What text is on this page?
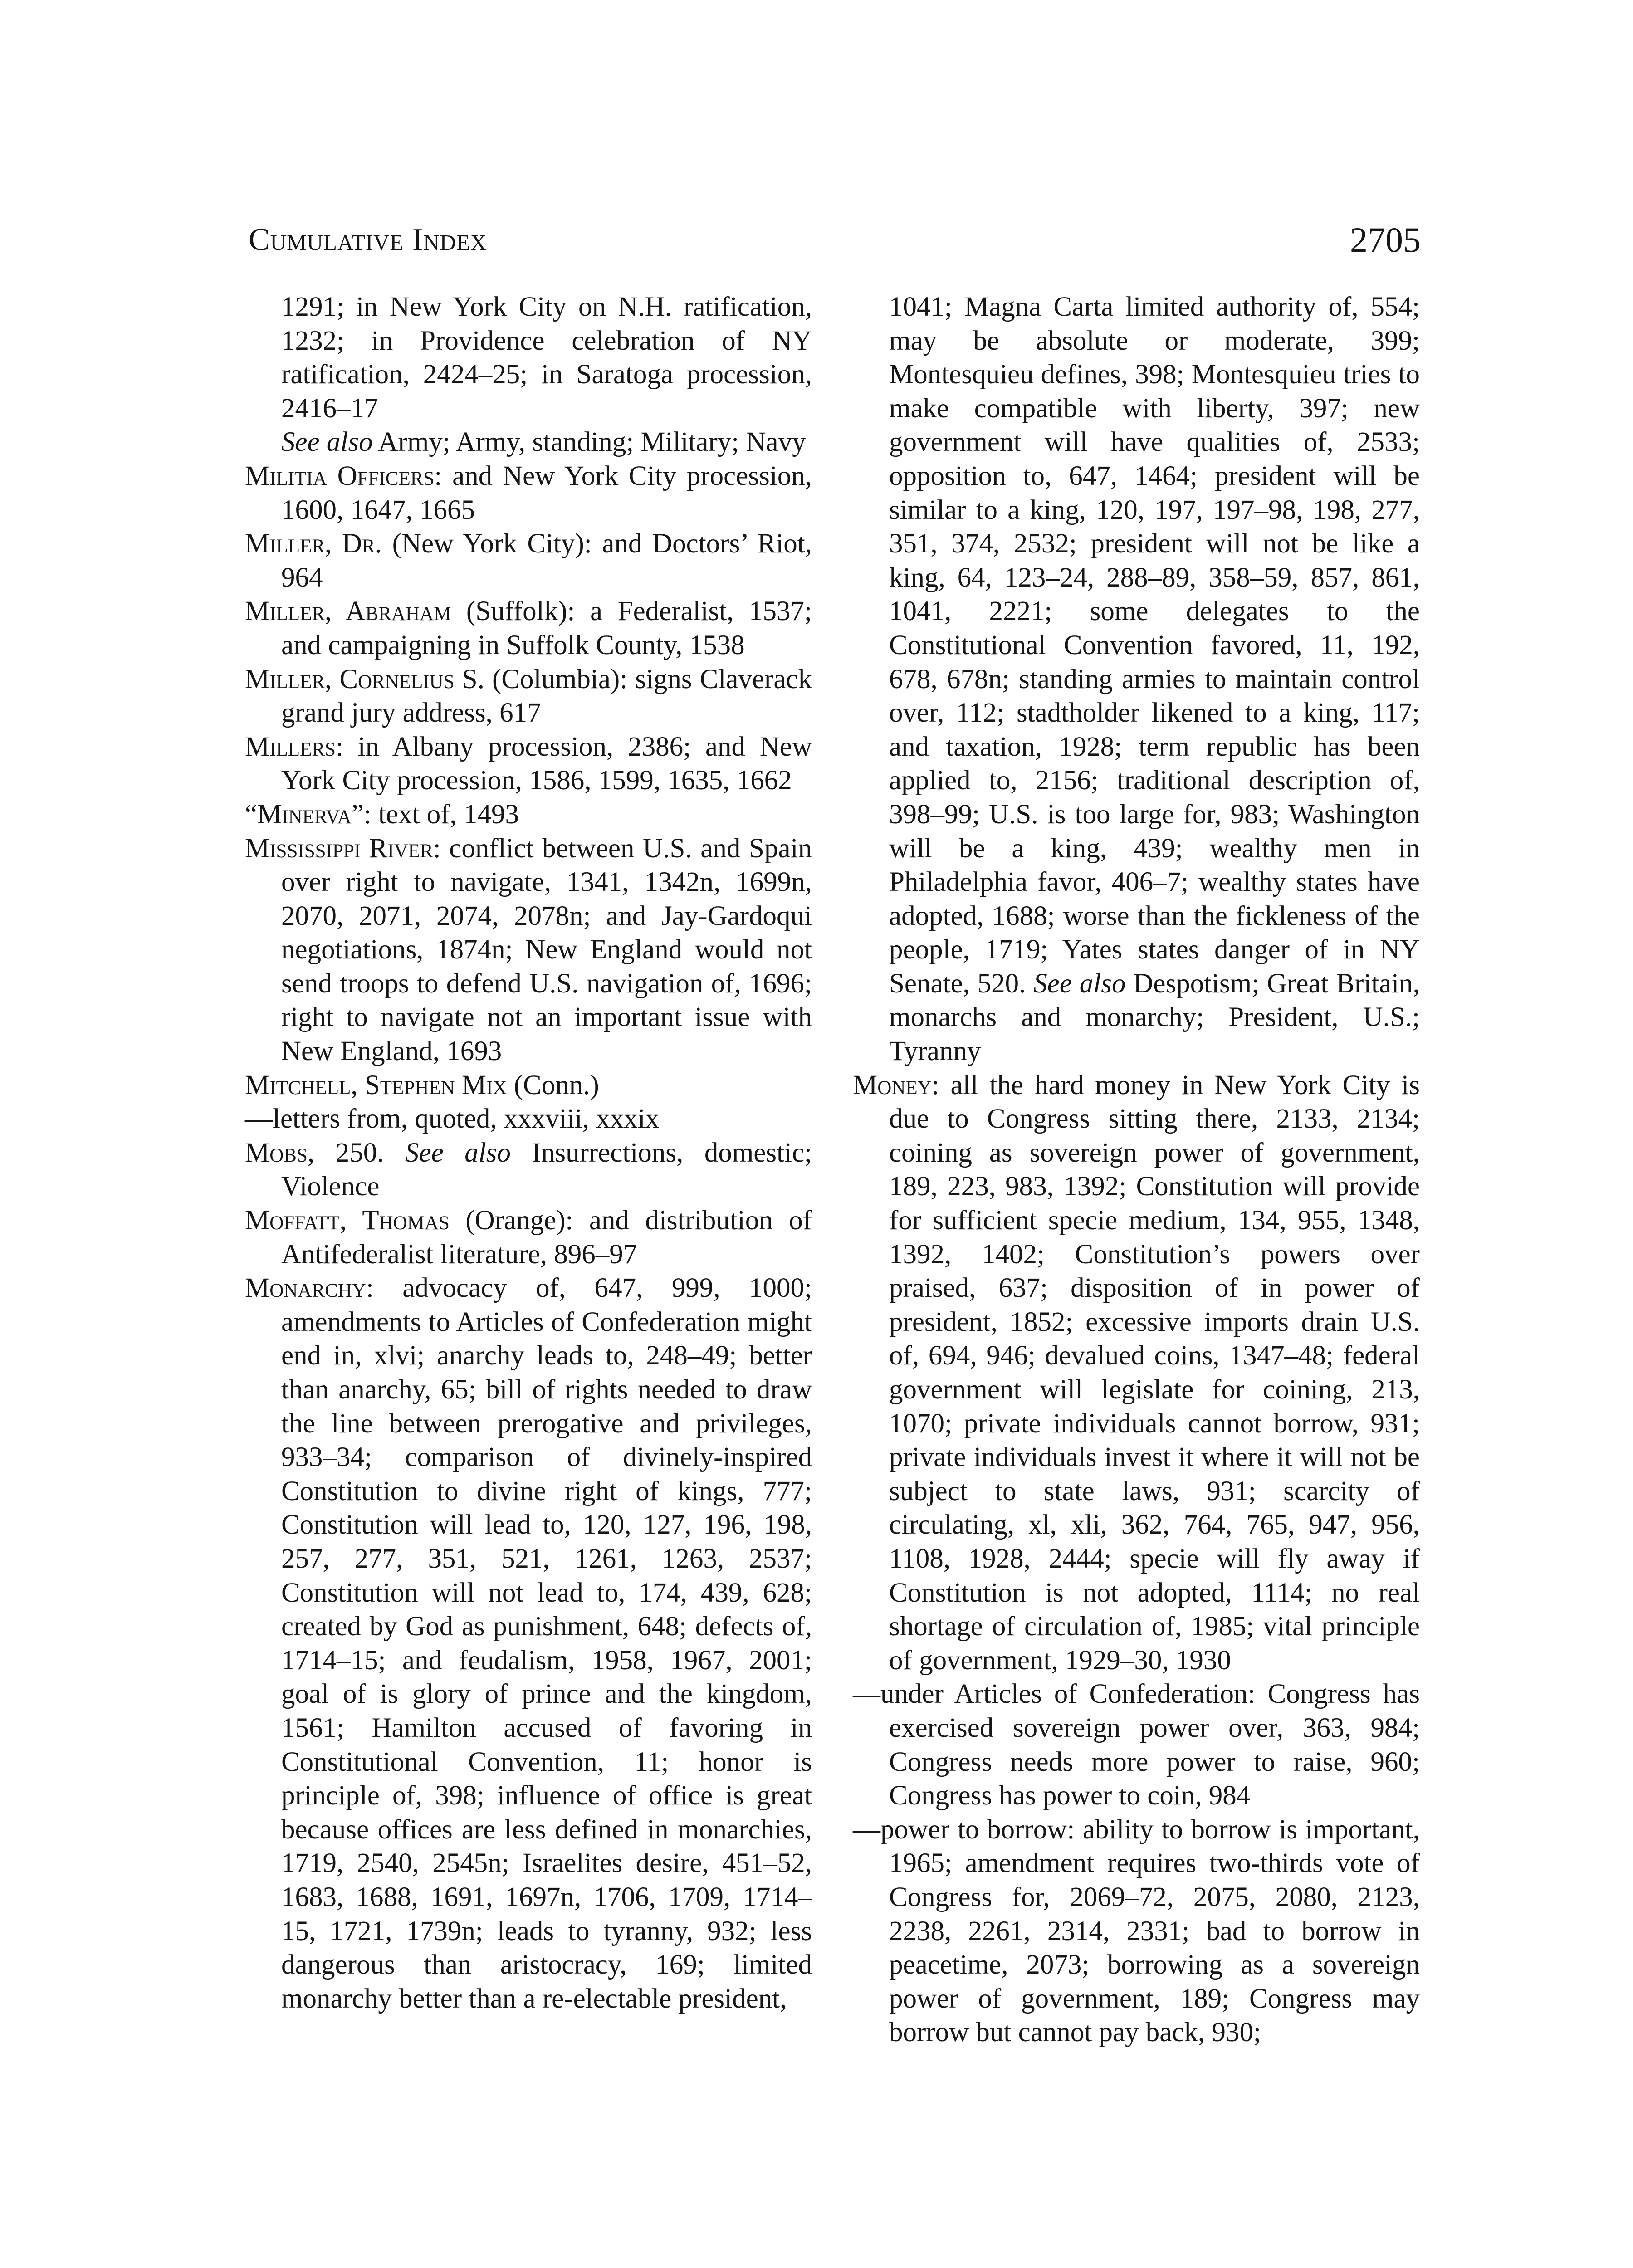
Cumulative Index	2705

1291; in New York City on N.H. ratification, 1232; in Providence celebration of NY ratification, 2424–25; in Saratoga procession, 2416–17

See also Army; Army, standing; Military; Navy

Militia Officers: and New York City procession, 1600, 1647, 1665

Miller, Dr. (New York City): and Doctors’ Riot, 964

Miller, Abraham (Suffolk): a Federalist, 1537; and campaigning in Suffolk County, 1538

Miller, Cornelius S. (Columbia): signs Claverack grand jury address, 617

Millers: in Albany procession, 2386; and New York City procession, 1586, 1599, 1635, 1662

“Minerva”: text of, 1493

Mississippi River: conflict between U.S. and Spain over right to navigate, 1341, 1342n, 1699n, 2070, 2071, 2074, 2078n; and Jay-Gardoqui negotiations, 1874n; New England would not send troops to defend U.S. navigation of, 1696; right to navigate not an important issue with New England, 1693

Mitchell, Stephen Mix (Conn.)

—letters from, quoted, xxxviii, xxxix

Mobs, 250. See also Insurrections, domestic; Violence

Moffatt, Thomas (Orange): and distribution of Antifederalist literature, 896–97

Monarchy: advocacy of, 647, 999, 1000; amendments to Articles of Confederation might end in, xlvi; anarchy leads to, 248–49; better than anarchy, 65; bill of rights needed to draw the line between prerogative and privileges, 933–34; comparison of divinely-inspired Constitution to divine right of kings, 777; Constitution will lead to, 120, 127, 196, 198, 257, 277, 351, 521, 1261, 1263, 2537; Constitution will not lead to, 174, 439, 628; created by God as punishment, 648; defects of, 1714–15; and feudalism, 1958, 1967, 2001; goal of is glory of prince and the kingdom, 1561; Hamilton accused of favoring in Constitutional Convention, 11; honor is principle of, 398; influence of office is great because offices are less defined in monarchies, 1719, 2540, 2545n; Israelites desire, 451–52, 1683, 1688, 1691, 1697n, 1706, 1709, 1714–15, 1721, 1739n; leads to tyranny, 932; less dangerous than aristocracy, 169; limited monarchy better than a re-electable president,

1041; Magna Carta limited authority of, 554; may be absolute or moderate, 399; Montesquieu defines, 398; Montesquieu tries to make compatible with liberty, 397; new government will have qualities of, 2533; opposition to, 647, 1464; president will be similar to a king, 120, 197, 197–98, 198, 277, 351, 374, 2532; president will not be like a king, 64, 123–24, 288–89, 358–59, 857, 861, 1041, 2221; some delegates to the Constitutional Convention favored, 11, 192, 678, 678n; standing armies to maintain control over, 112; stadtholder likened to a king, 117; and taxation, 1928; term republic has been applied to, 2156; traditional description of, 398–99; U.S. is too large for, 983; Washington will be a king, 439; wealthy men in Philadelphia favor, 406–7; wealthy states have adopted, 1688; worse than the fickleness of the people, 1719; Yates states danger of in NY Senate, 520. See also Despotism; Great Britain, monarchs and monarchy; President, U.S.; Tyranny

Money: all the hard money in New York City is due to Congress sitting there, 2133, 2134; coining as sovereign power of government, 189, 223, 983, 1392; Constitution will provide for sufficient specie medium, 134, 955, 1348, 1392, 1402; Constitution’s powers over praised, 637; disposition of in power of president, 1852; excessive imports drain U.S. of, 694, 946; devalued coins, 1347–48; federal government will legislate for coining, 213, 1070; private individuals cannot borrow, 931; private individuals invest it where it will not be subject to state laws, 931; scarcity of circulating, xl, xli, 362, 764, 765, 947, 956, 1108, 1928, 2444; specie will fly away if Constitution is not adopted, 1114; no real shortage of circulation of, 1985; vital principle of government, 1929–30, 1930

—under Articles of Confederation: Congress has exercised sovereign power over, 363, 984; Congress needs more power to raise, 960; Congress has power to coin, 984

—power to borrow: ability to borrow is important, 1965; amendment requires two-thirds vote of Congress for, 2069–72, 2075, 2080, 2123, 2238, 2261, 2314, 2331; bad to borrow in peacetime, 2073; borrowing as a sovereign power of government, 189; Congress may borrow but cannot pay back, 930;
